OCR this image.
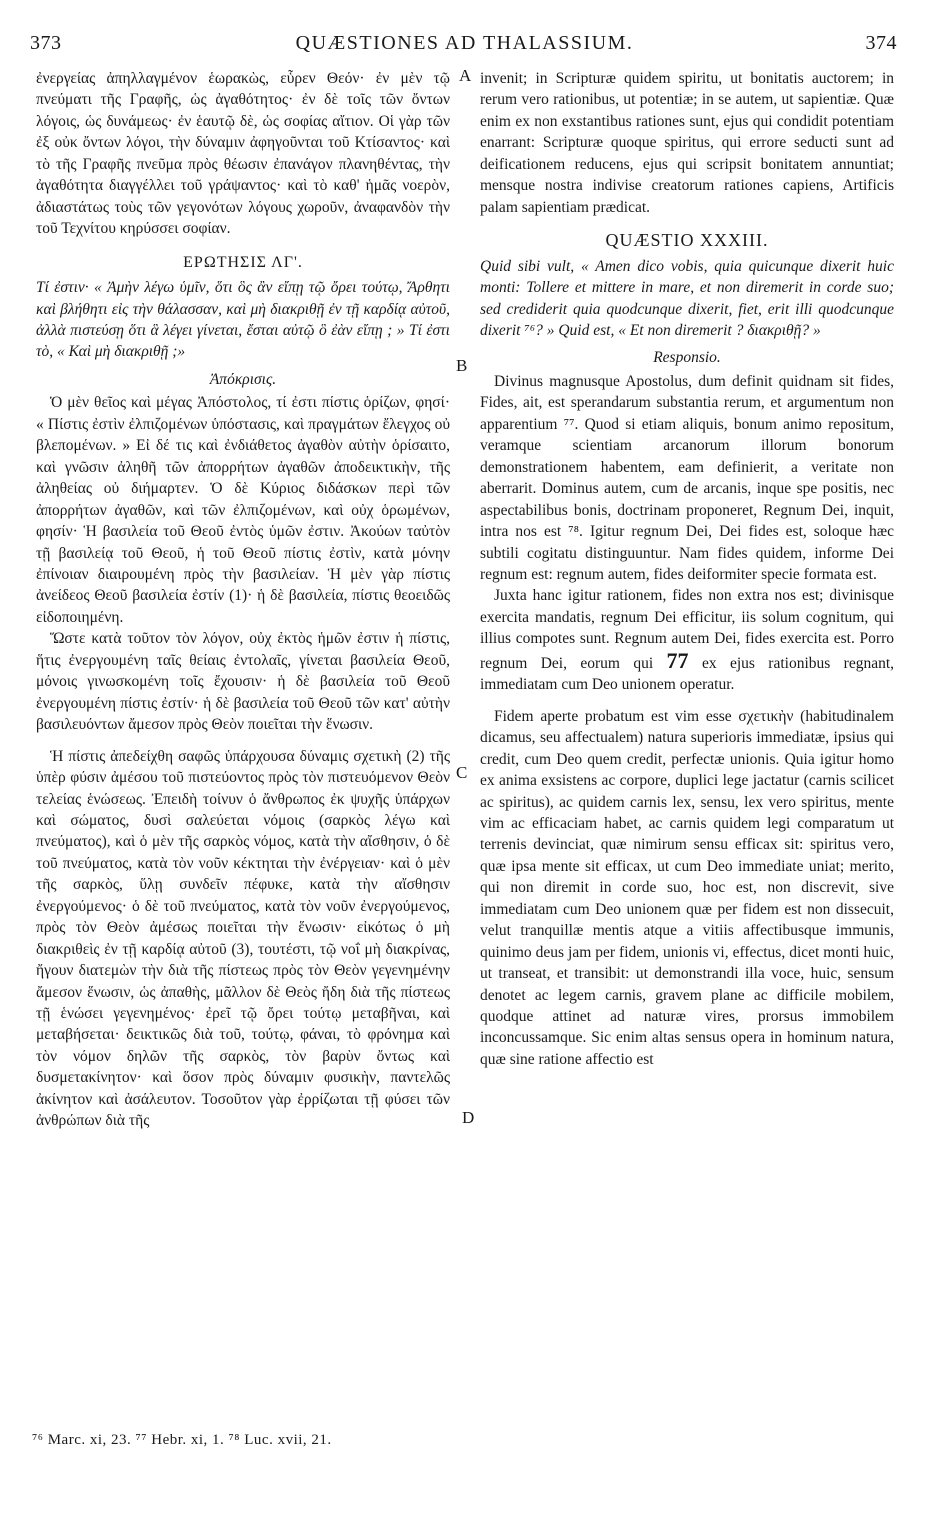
373	QUÆSTIONES AD THALASSIUM.	374
A
B
C
D

ἐνεργείας ἀπηλλαγμένον ἑωρακὼς, εὗρεν Θεόν· ἐν μὲν τῷ πνεύματι τῆς Γραφῆς, ὡς ἀγαθότητος· ἐν δὲ τοῖς τῶν ὄντων λόγοις, ὡς δυνάμεως· ἐν ἑαυτῷ δὲ, ὡς σοφίας αἴτιον. Οἱ γὰρ τῶν ἐξ οὐκ ὄντων λόγοι, τὴν δύναμιν ἀφηγοῦνται τοῦ Κτίσαντος· καὶ τὸ τῆς Γραφῆς πνεῦμα πρὸς θέωσιν ἐπανάγον πλανηθέντας, τὴν ἀγαθότητα διαγγέλλει τοῦ γράψαντος· καὶ τὸ καθ' ἡμᾶς νοερὸν, ἀδιαστάτως τοὺς τῶν γεγονότων λόγους χωροῦν, ἀναφανδὸν τὴν τοῦ Τεχνίτου κηρύσσει σοφίαν.

ΕΡΩΤΗΣΙΣ ΛΓ'.

Τί ἐστιν· « Ἀμὴν λέγω ὑμῖν, ὅτι ὃς ἂν εἴπῃ τῷ ὄρει τούτῳ, Ἄρθητι καὶ βλήθητι εἰς τὴν θάλασσαν, καὶ μὴ διακριθῇ ἐν τῇ καρδίᾳ αὐτοῦ, ἀλλὰ πιστεύσῃ ὅτι ἃ λέγει γίνεται, ἔσται αὐτῷ ὃ ἐὰν εἴπῃ ; » Τί ἐστι τὸ, « Καὶ μὴ διακριθῇ ;»

Ἀπόκρισις.

Ὁ μὲν θεῖος καὶ μέγας Ἀπόστολος, τί ἐστι πίστις ὁρίζων, φησί· « Πίστις ἐστὶν ἐλπιζομένων ὑπόστασις, καὶ πραγμάτων ἔλεγχος οὐ βλεπομένων. » Εἰ δέ τις καὶ ἐνδιάθετος ἀγαθὸν αὐτὴν ὁρίσαιτο, καὶ γνῶσιν ἀληθῆ τῶν ἀπορρήτων ἀγαθῶν ἀποδεικτικὴν, τῆς ἀληθείας οὐ διήμαρτεν. Ὁ δὲ Κύριος διδάσκων περὶ τῶν ἀπορρήτων ἀγαθῶν, καὶ τῶν ἐλπιζομένων, καὶ οὐχ ὁρωμένων, φησίν· Ἡ βασιλεία τοῦ Θεοῦ ἐντὸς ὑμῶν ἐστιν. Ἀκούων ταὐτὸν τῇ βασιλείᾳ τοῦ Θεοῦ, ἡ τοῦ Θεοῦ πίστις ἐστὶν, κατὰ μόνην ἐπίνοιαν διαιρουμένη πρὸς τὴν βασιλείαν. Ἡ μὲν γὰρ πίστις ἀνείδεος Θεοῦ βασιλεία ἐστίν (1)· ἡ δὲ βασιλεία, πίστις θεοειδῶς εἰδοποιημένη.

Ὥστε κατὰ τοῦτον τὸν λόγον, οὐχ ἐκτὸς ἡμῶν ἐστιν ἡ πίστις, ἥτις ἐνεργουμένη ταῖς θείαις ἐντολαῖς, γίνεται βασιλεία Θεοῦ, μόνοις γινωσκομένη τοῖς ἔχουσιν· ἡ δὲ βασιλεία τοῦ Θεοῦ ἐνεργουμένη πίστις ἐστίν· ἡ δὲ βασιλεία τοῦ Θεοῦ τῶν κατ' αὐτὴν βασιλευόντων ἄμεσον πρὸς Θεὸν ποιεῖται τὴν ἕνωσιν.

Ἡ πίστις ἀπεδείχθη σαφῶς ὑπάρχουσα δύναμις σχετικὴ (2) τῆς ὑπὲρ φύσιν ἀμέσου τοῦ πιστεύοντος πρὸς τὸν πιστευόμενον Θεὸν τελείας ἑνώσεως. Ἐπειδὴ τοίνυν ὁ ἄνθρωπος ἐκ ψυχῆς ὑπάρχων καὶ σώματος, δυσὶ σαλεύεται νόμοις (σαρκὸς λέγω καὶ πνεύματος), καὶ ὁ μὲν τῆς σαρκὸς νόμος, κατὰ τὴν αἴσθησιν, ὁ δὲ τοῦ πνεύματος, κατὰ τὸν νοῦν κέκτηται τὴν ἐνέργειαν· καὶ ὁ μὲν τῆς σαρκὸς, ὕλῃ συνδεῖν πέφυκε, κατὰ τὴν αἴσθησιν ἐνεργούμενος· ὁ δὲ τοῦ πνεύματος, κατὰ τὸν νοῦν ἐνεργούμενος, πρὸς τὸν Θεὸν ἀμέσως ποιεῖται τὴν ἕνωσιν· εἰκότως ὁ μὴ διακριθεὶς ἐν τῇ καρδίᾳ αὐτοῦ (3), τουτέστι, τῷ νοΐ μὴ διακρίνας, ἤγουν διατεμὼν τὴν διὰ τῆς πίστεως πρὸς τὸν Θεὸν γεγενημένην ἄμεσον ἕνωσιν, ὡς ἀπαθὴς, μᾶλλον δὲ Θεὸς ἤδη διὰ τῆς πίστεως τῇ ἑνώσει γεγενημένος· ἐρεῖ τῷ ὄρει τούτῳ μεταβῆναι, καὶ μεταβήσεται· δεικτικῶς διὰ τοῦ, τούτῳ, φάναι, τὸ φρόνημα καὶ τὸν νόμον δηλῶν τῆς σαρκὸς, τὸν βαρὺν ὄντως καὶ δυσμετακίνητον· καὶ ὅσον πρὸς δύναμιν φυσικὴν, παντελῶς ἀκίνητον καὶ ἀσάλευτον. Τοσοῦτον γὰρ ἐρρίζωται τῇ φύσει τῶν ἀνθρώπων διὰ τῆς

invenit; in Scripturæ quidem spiritu, ut bonitatis auctorem; in rerum vero rationibus, ut potentiæ; in se autem, ut sapientiæ. Quæ enim ex non exstantibus rationes sunt, ejus qui condidit potentiam enarrant: Scripturæ quoque spiritus, qui errore seducti sunt ad deificationem reducens, ejus qui scripsit bonitatem annuntiat; mensque nostra indivise creatorum rationes capiens, Artificis palam sapientiam prædicat.

QUÆSTIO XXXIII.

Quid sibi vult, « Amen dico vobis, quia quicunque dixerit huic monti: Tollere et mittere in mare, et non diremerit in corde suo; sed crediderit quia quodcunque dixerit, fiet, erit illi quodcunque dixerit ⁷⁶? » Quid est, « Et non diremerit ? διακριθῇ? »

Responsio.

Divinus magnusque Apostolus, dum definit quidnam sit fides, Fides, ait, est sperandarum substantia rerum, et argumentum non apparentium ⁷⁷. Quod si etiam aliquis, bonum animo repositum, veramque scientiam arcanorum illorum bonorum demonstrationem habentem, eam definierit, a veritate non aberrarit. Dominus autem, cum de arcanis, inque spe positis, nec aspectabilibus bonis, doctrinam proponeret, Regnum Dei, inquit, intra nos est ⁷⁸. Igitur regnum Dei, Dei fides est, soloque hæc subtili cogitatu distinguuntur. Nam fides quidem, informe Dei regnum est: regnum autem, fides deiformiter specie formata est.

Juxta hanc igitur rationem, fides non extra nos est; divinisque exercita mandatis, regnum Dei efficitur, iis solum cognitum, qui illius compotes sunt. Regnum autem Dei, fides exercita est. Porro regnum Dei, eorum qui 77 ex ejus rationibus regnant, immediatam cum Deo unionem operatur.

Fidem aperte probatum est vim esse σχετικὴν (habitudinalem dicamus, seu affectualem) natura superioris immediatæ, ipsius qui credit, cum Deo quem credit, perfectæ unionis. Quia igitur homo ex anima exsistens ac corpore, duplici lege jactatur (carnis scilicet ac spiritus), ac quidem carnis lex, sensu, lex vero spiritus, mente vim ac efficaciam habet, ac carnis quidem legi comparatum ut terrenis devinciat, quæ nimirum sensu efficax sit: spiritus vero, quæ ipsa mente sit efficax, ut cum Deo immediate uniat; merito, qui non diremit in corde suo, hoc est, non discrevit, sive immediatam cum Deo unionem quæ per fidem est non dissecuit, velut tranquillæ mentis atque a vitiis affectibusque immunis, quinimo deus jam per fidem, unionis vi, effectus, dicet monti huic, ut transeat, et transibit: ut demonstrandi illa voce, huic, sensum denotet ac legem carnis, gravem plane ac difficile mobilem, quodque attinet ad naturæ vires, prorsus immobilem inconcussamque. Sic enim altas sensus opera in hominum natura, quæ sine ratione affectio est

⁷⁶ Marc. xi, 23. ⁷⁷ Hebr. xi, 1. ⁷⁸ Luc. xvii, 21.
